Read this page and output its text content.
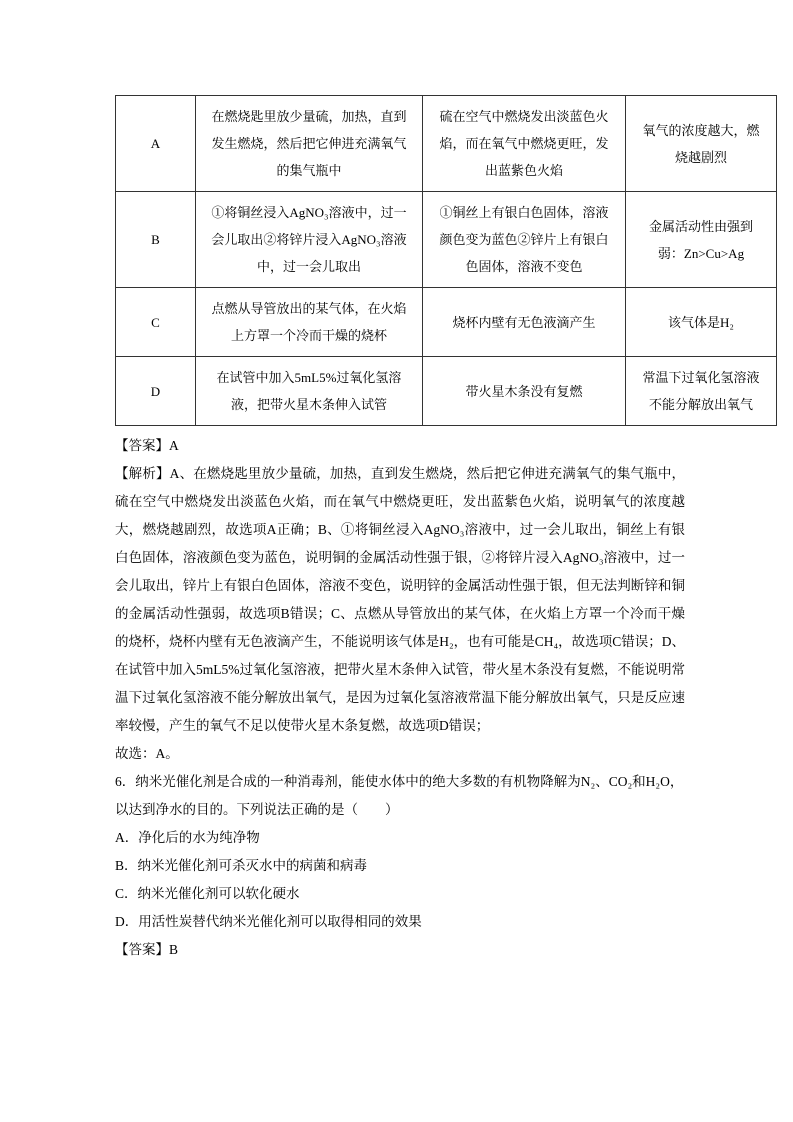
A	在燃烧匙里放少量硫，加热，直到发生燃烧，然后把它伸进充满氧气的集气瓶中	硫在空气中燃烧发出淡蓝色火焰，而在氧气中燃烧更旺，发出蓝紫色火焰	氧气的浓度越大，燃烧越剧烈
B	①将铜丝浸入AgNO₃溶液中，过一会儿取出②将锌片浸入AgNO₃溶液中，过一会儿取出	①铜丝上有银白色固体，溶液颜色变为蓝色②锌片上有银白色固体，溶液不变色	金属活动性由强到弱：Zn>Cu>Ag
C	点燃从导管放出的某气体，在火焰上方罩一个冷而干燥的烧杯	烧杯内壁有无色液滴产生	该气体是H₂
D	在试管中加入5mL5%过氧化氢溶液，把带火星木条伸入试管	带火星木条没有复燃	常温下过氧化氢溶液不能分解放出氧气

【答案】A

【解析】A、在燃烧匙里放少量硫，加热，直到发生燃烧，然后把它伸进充满氧气的集气瓶中，硫在空气中燃烧发出淡蓝色火焰，而在氧气中燃烧更旺，发出蓝紫色火焰，说明氧气的浓度越大，燃烧越剧烈，故选项A正确；B、①将铜丝浸入AgNO₃溶液中，过一会儿取出，铜丝上有银白色固体，溶液颜色变为蓝色，说明铜的金属活动性强于银，②将锌片浸入AgNO₃溶液中，过一会儿取出，锌片上有银白色固体，溶液不变色，说明锌的金属活动性强于银，但无法判断锌和铜的金属活动性强弱，故选项B错误；C、点燃从导管放出的某气体，在火焰上方罩一个冷而干燥的烧杯，烧杯内壁有无色液滴产生，不能说明该气体是H₂，也有可能是CH₄，故选项C错误；D、在试管中加入5mL5%过氧化氢溶液，把带火星木条伸入试管，带火星木条没有复燃，不能说明常温下过氧化氢溶液不能分解放出氧气，是因为过氧化氢溶液常温下能分解放出氧气，只是反应速率较慢，产生的氧气不足以使带火星木条复燃，故选项D错误；

故选：A。

6．纳米光催化剂是合成的一种消毒剂，能使水体中的绝大多数的有机物降解为N₂、CO₂和H₂O，以达到净水的目的。下列说法正确的是（　　）

A．净化后的水为纯净物

B．纳米光催化剂可杀灭水中的病菌和病毒

C．纳米光催化剂可以软化硬水

D．用活性炭替代纳米光催化剂可以取得相同的效果

【答案】B
